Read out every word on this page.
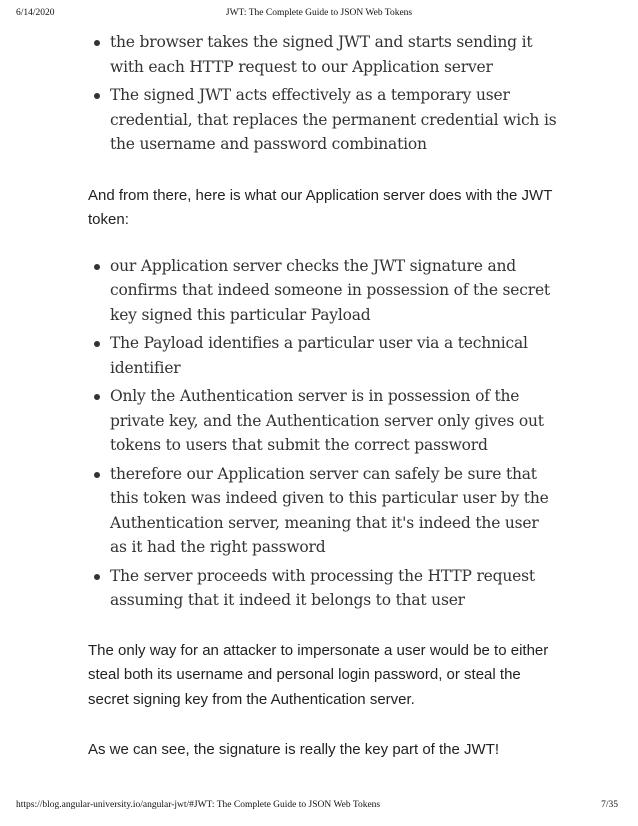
6/14/2020	JWT: The Complete Guide to JSON Web Tokens
the browser takes the signed JWT and starts sending it with each HTTP request to our Application server
The signed JWT acts effectively as a temporary user credential, that replaces the permanent credential wich is the username and password combination

And from there, here is what our Application server does with the JWT token:

our Application server checks the JWT signature and confirms that indeed someone in possession of the secret key signed this particular Payload
The Payload identifies a particular user via a technical identifier
Only the Authentication server is in possession of the private key, and the Authentication server only gives out tokens to users that submit the correct password
therefore our Application server can safely be sure that this token was indeed given to this particular user by the Authentication server, meaning that it's indeed the user as it had the right password
The server proceeds with processing the HTTP request assuming that it indeed it belongs to that user

The only way for an attacker to impersonate a user would be to either steal both its username and personal login password, or steal the secret signing key from the Authentication server.

As we can see, the signature is really the key part of the JWT!

https://blog.angular-university.io/angular-jwt/#JWT: The Complete Guide to JSON Web Tokens	7/35
